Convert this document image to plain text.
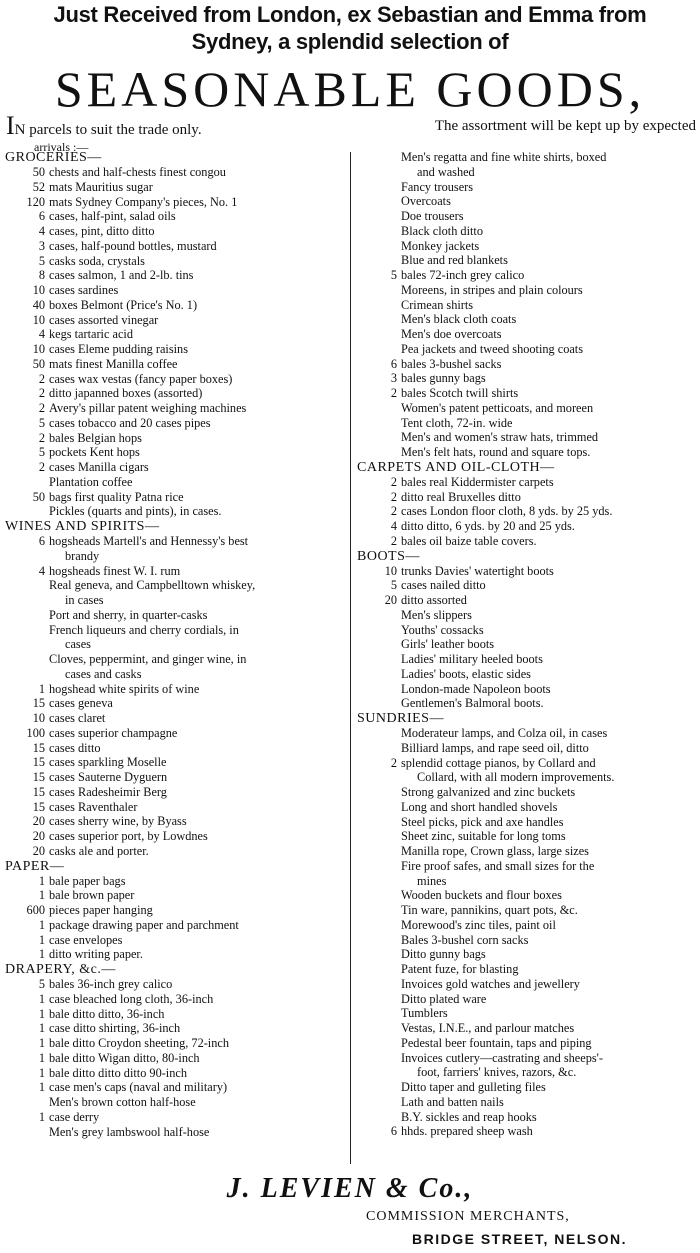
Just Received from London, ex Sebastian and Emma from
Sydney, a splendid selection of
SEASONABLE GOODS,
IN parcels to suit the trade only.	The assortment will be kept up by expected
arrivals :—
GROCERIES—
50 chests and half-chests finest congou
52 mats Mauritius sugar
120 mats Sydney Company's pieces, No. 1
6 cases, half-pint, salad oils
4 cases, pint, ditto ditto
3 cases, half-pound bottles, mustard
5 casks soda, crystals
8 cases salmon, 1 and 2-lb. tins
10 cases sardines
40 boxes Belmont (Price's No. 1)
10 cases assorted vinegar
4 kegs tartaric acid
10 cases Eleme pudding raisins
50 mats finest Manilla coffee
2 cases wax vestas (fancy paper boxes)
2 ditto japanned boxes (assorted)
2 Avery's pillar patent weighing machines
5 cases tobacco and 20 cases pipes
2 bales Belgian hops
5 pockets Kent hops
2 cases Manilla cigars
Plantation coffee
50 bags first quality Patna rice
Pickles (quarts and pints), in cases.
WINES AND SPIRITS—
6 hogsheads Martell's and Hennessy's best
brandy
4 hogsheads finest W. I. rum
Real geneva, and Campbelltown whiskey,
in cases
Port and sherry, in quarter-casks
French liqueurs and cherry cordials, in
cases
Cloves, peppermint, and ginger wine, in
cases and casks
1 hogshead white spirits of wine
15 cases geneva
10 cases claret
100 cases superior champagne
15 cases ditto
15 cases sparkling Moselle
15 cases Sauterne Dyguern
15 cases Radesheimir Berg
15 cases Raventhaler
20 cases sherry wine, by Byass
20 cases superior port, by Lowdnes
20 casks ale and porter.
PAPER—
1 bale paper bags
1 bale brown paper
600 pieces paper hanging
1 package drawing paper and parchment
1 case envelopes
1 ditto writing paper.
DRAPERY, &c.—
5 bales 36-inch grey calico
1 case bleached long cloth, 36-inch
1 bale ditto ditto, 36-inch
1 case ditto shirting, 36-inch
1 bale ditto Croydon sheeting, 72-inch
1 bale ditto Wigan ditto, 80-inch
1 bale ditto ditto ditto 90-inch
1 case men's caps (naval and military)
Men's brown cotton half-hose
1 case derry
Men's grey lambswool half-hose
Men's regatta and fine white shirts, boxed
and washed
Fancy trousers
Overcoats
Doe trousers
Black cloth ditto
Monkey jackets
Blue and red blankets
5 bales 72-inch grey calico
Moreens, in stripes and plain colours
Crimean shirts
Men's black cloth coats
Men's doe overcoats
Pea jackets and tweed shooting coats
6 bales 3-bushel sacks
3 bales gunny bags
2 bales Scotch twill shirts
Women's patent petticoats, and moreen
Tent cloth, 72-in. wide
Men's and women's straw hats, trimmed
Men's felt hats, round and square tops.
CARPETS AND OIL-CLOTH—
2 bales real Kiddermister carpets
2 ditto real Bruxelles ditto
2 cases London floor cloth, 8 yds. by 25 yds.
4 ditto ditto, 6 yds. by 20 and 25 yds.
2 bales oil baize table covers.
BOOTS—
10 trunks Davies' watertight boots
5 cases nailed ditto
20 ditto assorted
Men's slippers
Youths' cossacks
Girls' leather boots
Ladies' military heeled boots
Ladies' boots, elastic sides
London-made Napoleon boots
Gentlemen's Balmoral boots.
SUNDRIES—
Moderateur lamps, and Colza oil, in cases
Billiard lamps, and rape seed oil, ditto
2 splendid cottage pianos, by Collard and
Collard, with all modern improvements.
Strong galvanized and zinc buckets
Long and short handled shovels
Steel picks, pick and axe handles
Sheet zinc, suitable for long toms
Manilla rope, Crown glass, large sizes
Fire proof safes, and small sizes for the
mines
Wooden buckets and flour boxes
Tin ware, pannikins, quart pots, &c.
Morewood's zinc tiles, paint oil
Bales 3-bushel corn sacks
Ditto gunny bags
Patent fuze, for blasting
Invoices gold watches and jewellery
Ditto plated ware
Tumblers
Vestas, I.N.E., and parlour matches
Pedestal beer fountain, taps and piping
Invoices cutlery—castrating and sheeps'-
foot, farriers' knives, razors, &c.
Ditto taper and gulleting files
Lath and batten nails
B.Y. sickles and reap hooks
6 hhds. prepared sheep wash
J. LEVIEN & Co.,
COMMISSION MERCHANTS,
BRIDGE STREET, NELSON.
